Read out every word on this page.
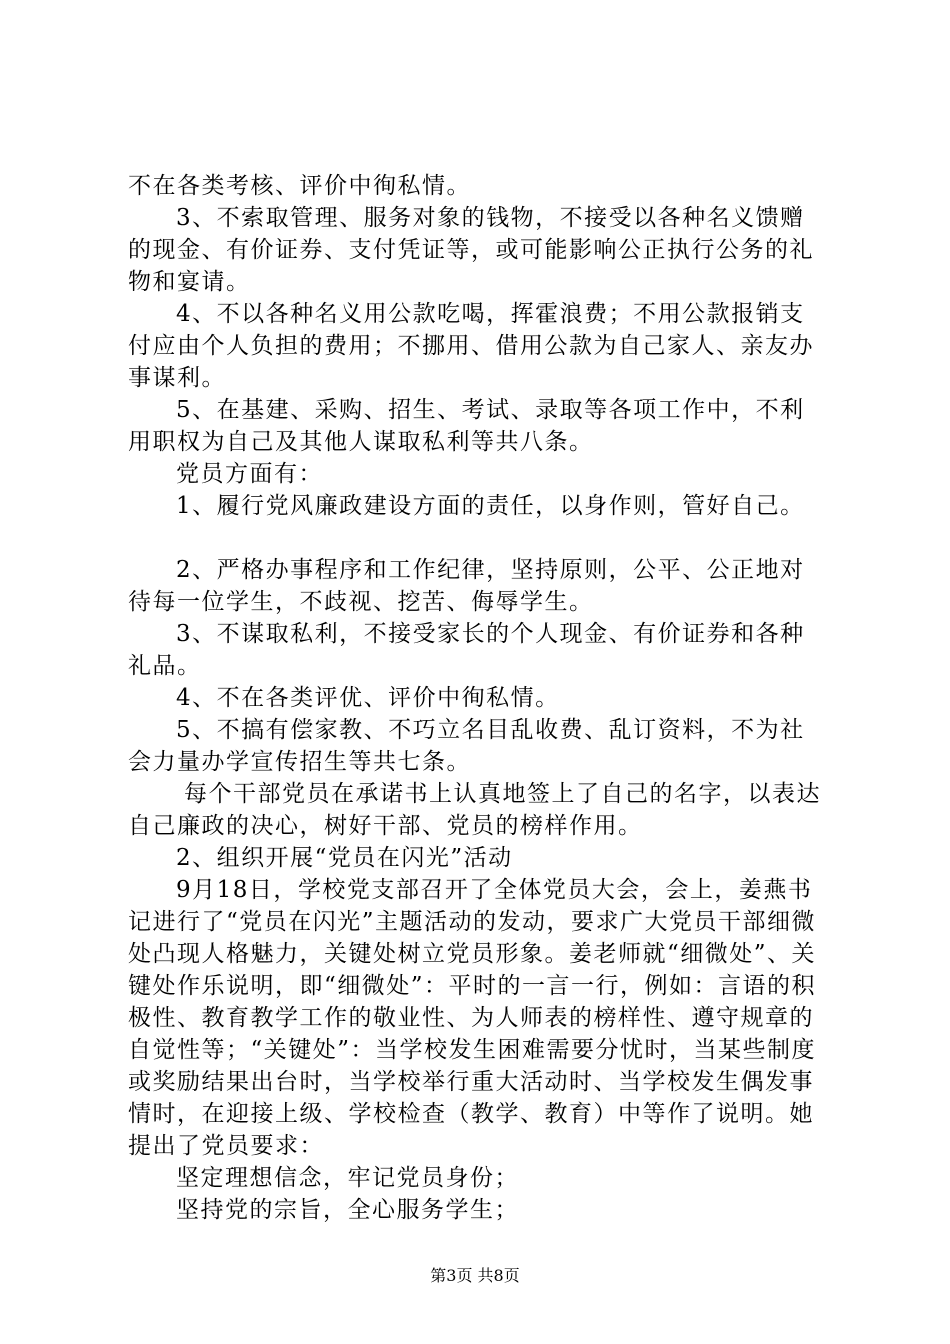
不在各类考核、评价中徇私情。

3、不索取管理、服务对象的钱物，不接受以各种名义馈赠的现金、有价证券、支付凭证等，或可能影响公正执行公务的礼物和宴请。

4、不以各种名义用公款吃喝，挥霍浪费；不用公款报销支付应由个人负担的费用；不挪用、借用公款为自己家人、亲友办事谋利。

5、在基建、采购、招生、考试、录取等各项工作中，不利用职权为自己及其他人谋取私利等共八条。

党员方面有：

1、履行党风廉政建设方面的责任，以身作则，管好自己。

2、严格办事程序和工作纪律，坚持原则，公平、公正地对待每一位学生，不歧视、挖苦、侮辱学生。

3、不谋取私利，不接受家长的个人现金、有价证券和各种礼品。

4、不在各类评优、评价中徇私情。

5、不搞有偿家教、不巧立名目乱收费、乱订资料，不为社会力量办学宣传招生等共七条。

每个干部党员在承诺书上认真地签上了自己的名字，以表达自己廉政的决心，树好干部、党员的榜样作用。

2、组织开展“党员在闪光”活动

9月18日，学校党支部召开了全体党员大会，会上，姜燕书记进行了“党员在闪光”主题活动的发动，要求广大党员干部细微处凸现人格魅力，关键处树立党员形象。姜老师就“细微处”、关键处作乐说明，即“细微处”：平时的一言一行，例如：言语的积极性、教育教学工作的敬业性、为人师表的榜样性、遵守规章的自觉性等；“关键处”：当学校发生困难需要分忧时，当某些制度或奖励结果出台时，当学校举行重大活动时、当学校发生偶发事情时，在迎接上级、学校检查（教学、教育）中等作了说明。她提出了党员要求：

坚定理想信念，牢记党员身份；

坚持党的宗旨，全心服务学生；

第3页 共8页
